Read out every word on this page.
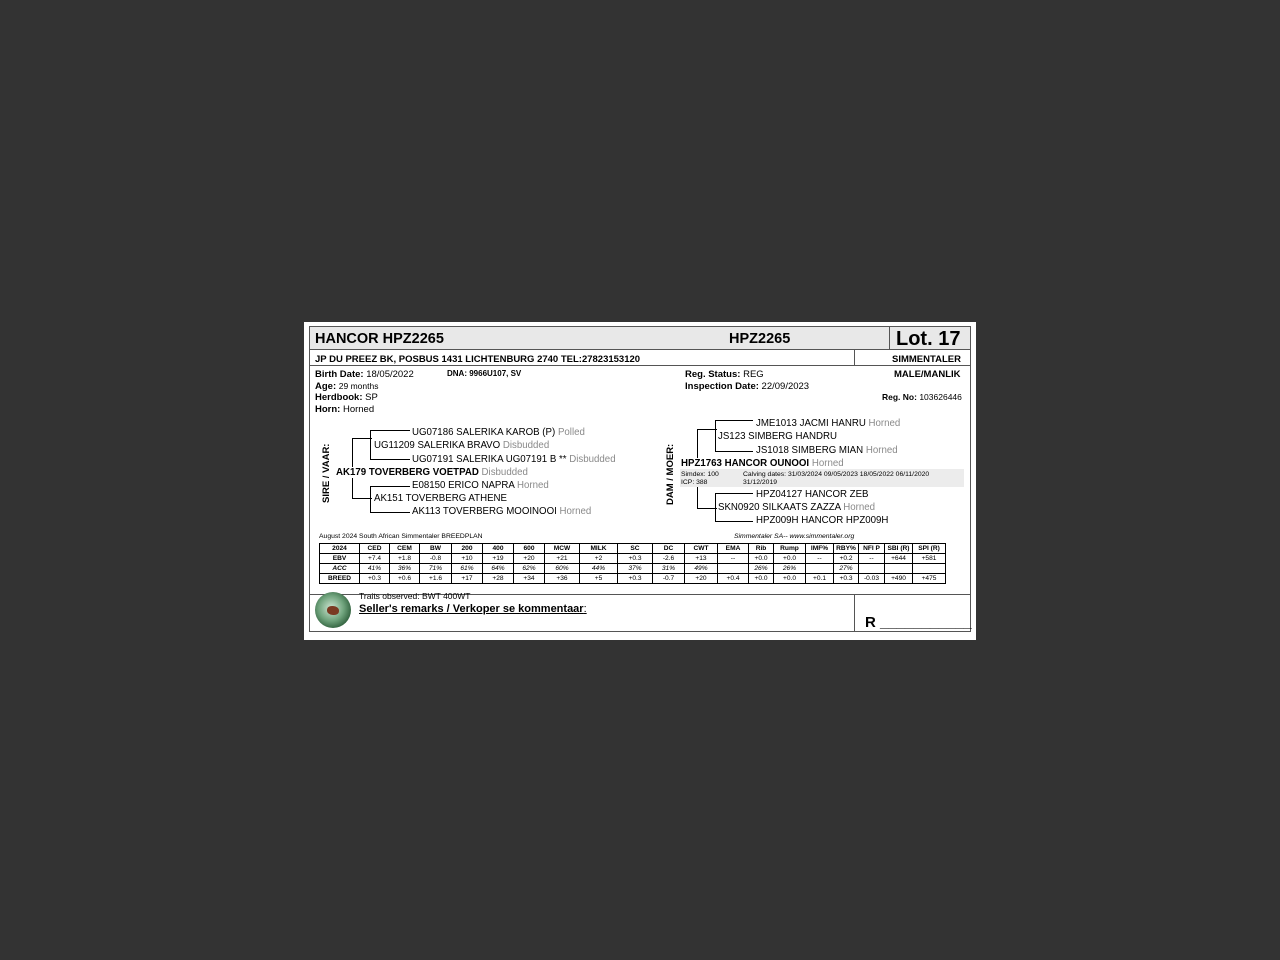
HANCOR HPZ2265	HPZ2265	Lot. 17
JP DU PREEZ BK, POSBUS 1431 LICHTENBURG 2740 TEL:27823153120	SIMMENTALER
Birth Date: 18/05/2022	DNA: 9966U107, SV
Age: 29 months
Herdbook: SP
Horn: Horned
Reg. Status: REG
Inspection Date: 22/09/2023
MALE/MANLIK
Reg. No: 103626446
SIRE / VAAR:
UG07186 SALERIKA KAROB (P) Polled
UG11209 SALERIKA BRAVO Disbudded
UG07191 SALERIKA UG07191 B ** Disbudded
AK179 TOVERBERG VOETPAD Disbudded
E08150 ERICO NAPRA Horned
AK151 TOVERBERG ATHENE
AK113 TOVERBERG MOOINOOI Horned
DAM / MOER:
JME1013 JACMI HANRU Horned
JS123 SIMBERG HANDRU
JS1018 SIMBERG MIAN Horned
HPZ1763 HANCOR OUNOOI Horned
Simdex: 100
ICP: 388
Calving dates: 31/03/2024 09/05/2023 18/05/2022 06/11/2020
31/12/2019
HPZ04127 HANCOR ZEB
SKN0920 SILKAATS ZAZZA Horned
HPZ009H HANCOR HPZ009H
August 2024 South African Simmentaler BREEDPLAN	Simmentaler SA-- www.simmentaler.org
2024	CED	CEM	BW	200	400	600	MCW	MILK	SC	DC	CWT	EMA	Rib	Rump	IMF%	RBY%	NFI P	SBI (R)	SPI (R)
EBV	+7.4	+1.8	-0.8	+10	+19	+20	+21	+2	+0.3	-2.6	+13	--	+0.0	+0.0	--	+0.2	--	+644	+581
ACC	41%	36%	71%	61%	64%	62%	60%	44%	37%	31%	49%		26%	26%		27%			
BREED	+0.3	+0.6	+1.6	+17	+28	+34	+36	+5	+0.3	-0.7	+20	+0.4	+0.0	+0.0	+0.1	+0.3	-0.03	+490	+475
Traits observed: BWT 400WT
Seller's remarks / Verkoper se kommentaar:
R ___________
